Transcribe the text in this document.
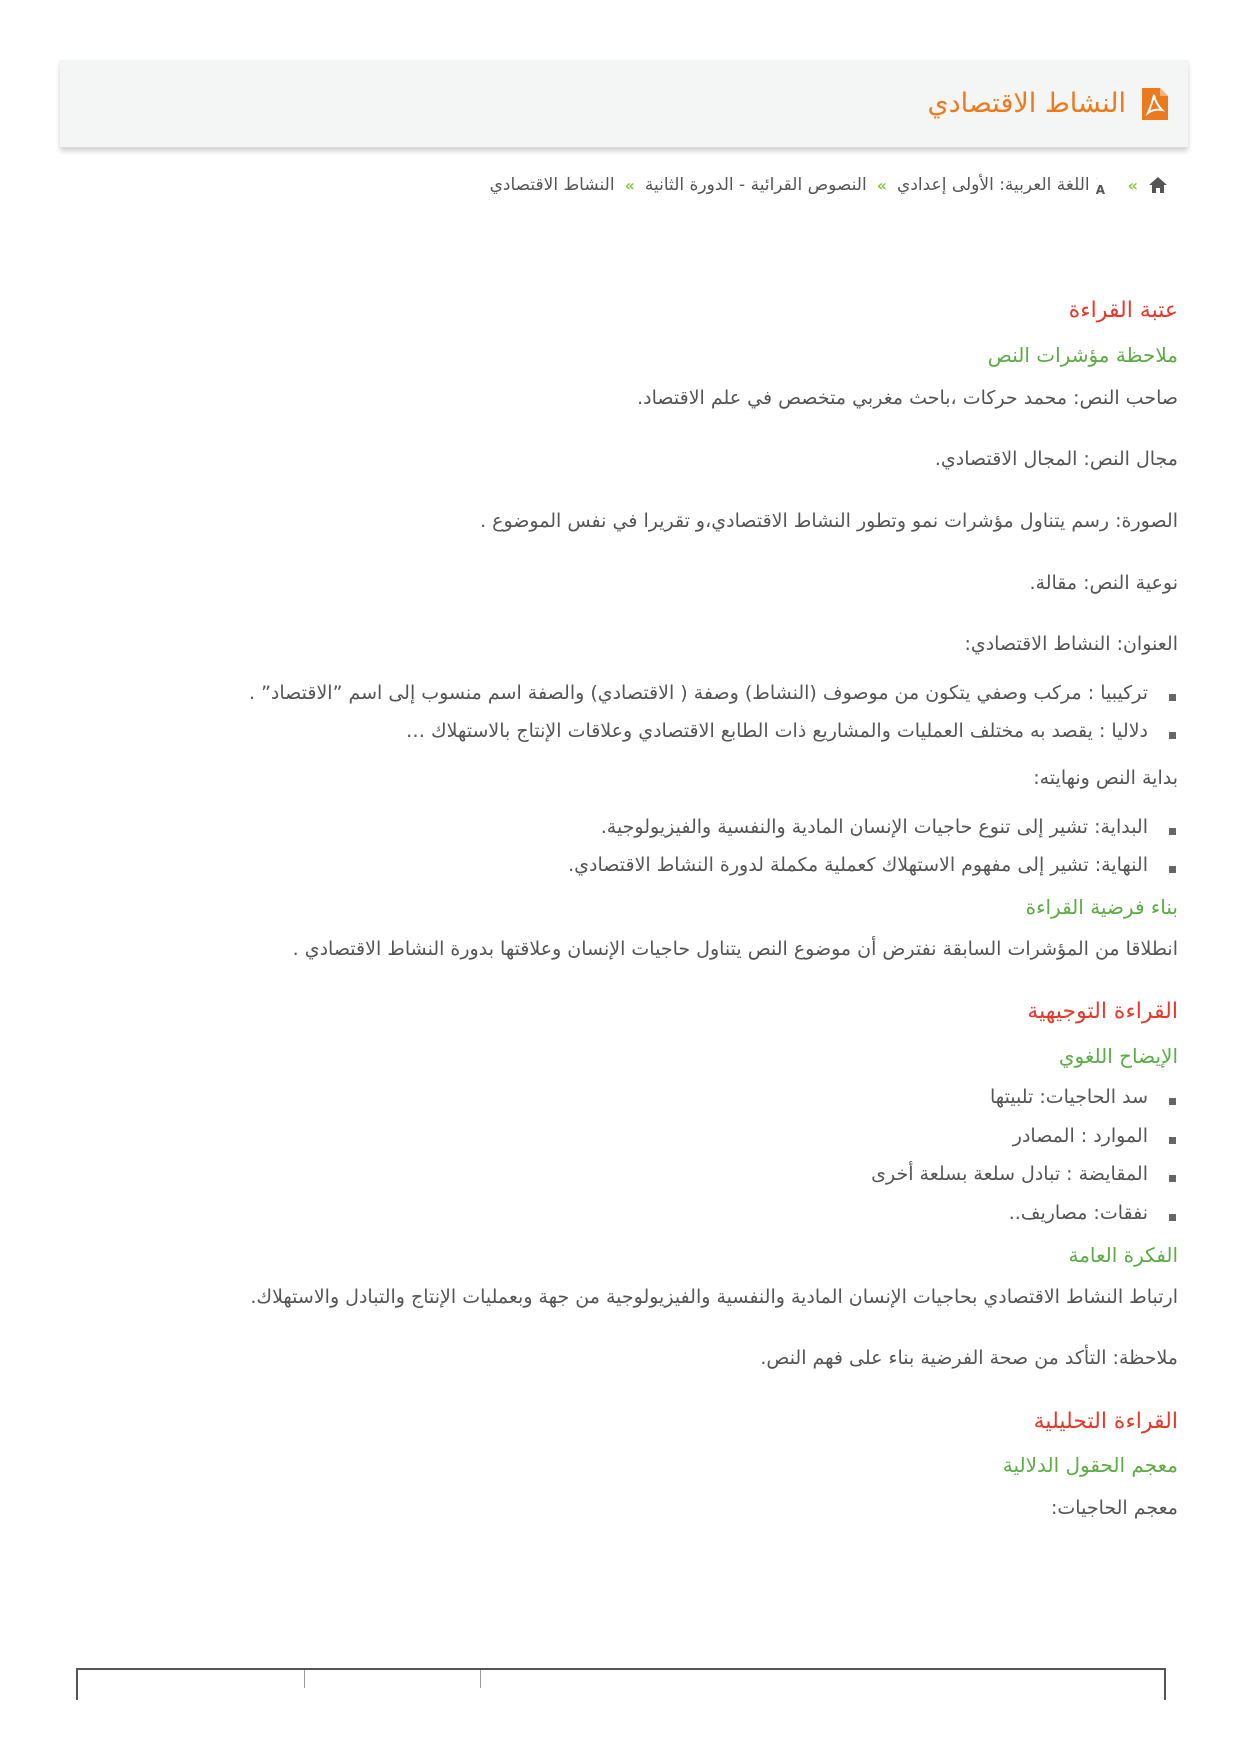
النشاط الاقتصادي
»
A
اللغة العربية: الأولى إعدادي
»
النصوص القرائية - الدورة الثانية
»
النشاط الاقتصادي
عتبة القراءة
ملاحظة مؤشرات النص

صاحب النص: محمد حركات ،باحث مغربي متخصص في علم الاقتصاد.

مجال النص: المجال الاقتصادي.

الصورة: رسم يتناول مؤشرات نمو وتطور النشاط الاقتصادي،و تقريرا في نفس الموضوع .

نوعية النص: مقالة.

العنوان: النشاط الاقتصادي:

تركيبيا : مركب وصفي يتكون من موصوف (النشاط) وصفة ( الاقتصادي) والصفة اسم منسوب إلى اسم ”الاقتصاد” .
دلاليا : يقصد به مختلف العمليات والمشاريع ذات الطابع الاقتصادي وعلاقات الإنتاج بالاستهلاك …

بداية النص ونهايته:

البداية: تشير إلى تنوع حاجيات الإنسان المادية والنفسية والفيزيولوجية.
النهاية: تشير إلى مفهوم الاستهلاك كعملية مكملة لدورة النشاط الاقتصادي.
بناء فرضية القراءة

انطلاقا من المؤشرات السابقة نفترض أن موضوع النص يتناول حاجيات الإنسان وعلاقتها بدورة النشاط الاقتصادي .

القراءة التوجيهية
الإيضاح اللغوي
سد الحاجيات: تلبيتها
الموارد : المصادر
المقايضة : تبادل سلعة بسلعة أخرى
نفقات: مصاريف..
الفكرة العامة

ارتباط النشاط الاقتصادي بحاجيات الإنسان المادية والنفسية والفيزيولوجية من جهة وبعمليات الإنتاج والتبادل والاستهلاك.

ملاحظة: التأكد من صحة الفرضية بناء على فهم النص.

القراءة التحليلية
معجم الحقول الدلالية

معجم الحاجيات:
